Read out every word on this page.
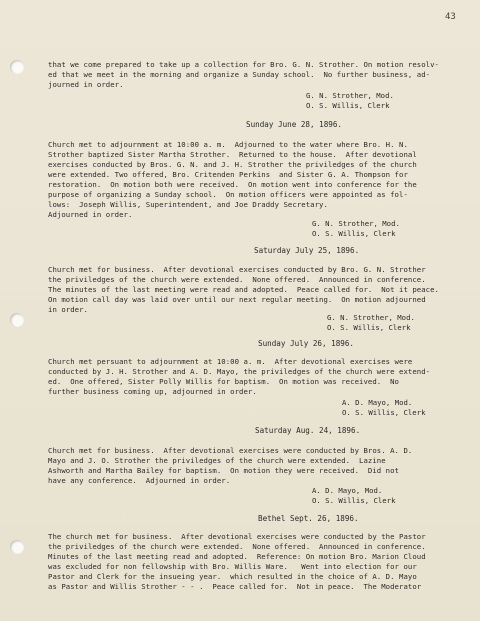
43
that we come prepared to take up a collection for Bro. G. N. Strother. On motion resolv-
ed that we meet in the morning and organize a Sunday school.  No further business, ad-
journed in order.
G. N. Strother, Mod.
O. S. Willis, Clerk
Sunday June 28, 1896.
Church met to adjournment at 10:00 a. m.  Adjourned to the water where Bro. H. N.
Strother baptized Sister Martha Strother.  Returned to the house.  After devotional
exercises conducted by Bros. G. N. and J. H. Strother the priviledges of the church
were extended. Two offered, Bro. Critenden Perkins  and Sister G. A. Thompson for
restoration.  On motion both were received.  On motion went into conference for the
purpose of organizing a Sunday school.  On motion officers were appointed as fol-
lows:  Joseph Willis, Superintendent, and Joe Draddy Secretary.
Adjourned in order.
G. N. Strother, Mod.
O. S. Willis, Clerk
Saturday July 25, 1896.
Church met for business.  After devotional exercises conducted by Bro. G. N. Strother
the priviledges of the church were extended.  None offered.  Announced in conference.
The minutes of the last meeting were read and adopted.  Peace called for.  Not it peace.
On motion call day was laid over until our next regular meeting.  On motion adjourned
in order.
G. N. Strother, Mod.
O. S. Willis, Clerk
Sunday July 26, 1896.
Church met persuant to adjournment at 10:00 a. m.  After devotional exercises were
conducted by J. H. Strother and A. D. Mayo, the priviledges of the church were extend-
ed.  One offered, Sister Polly Willis for baptism.  On motion was received.  No
further business coming up, adjourned in order.
A. D. Mayo, Mod.
O. S. Willis, Clerk
Saturday Aug. 24, 1896.
Church met for business.  After devotional exercises were conducted by Bros. A. D.
Mayo and J. O. Strother the priviledges of the church were extended.  Lazine
Ashworth and Martha Bailey for baptism.  On motion they were received.  Did not
have any conference.  Adjourned in order.
A. D. Mayo, Mod.
O. S. Willis, Clerk
Bethel Sept. 26, 1896.
The church met for business.  After devotional exercises were conducted by the Pastor
the priviledges of the church were extended.  None offered.  Announced in conference.
Minutes of the last meeting read and adopted.  Reference: On motion Bro. Marion Cloud
was excluded for non fellowship with Bro. Willis Ware.   Went into election for our
Pastor and Clerk for the insueing year.  which resulted in the choice of A. D. Mayo
as Pastor and Willis Strother - - .  Peace called for.  Not in peace.  The Moderator
